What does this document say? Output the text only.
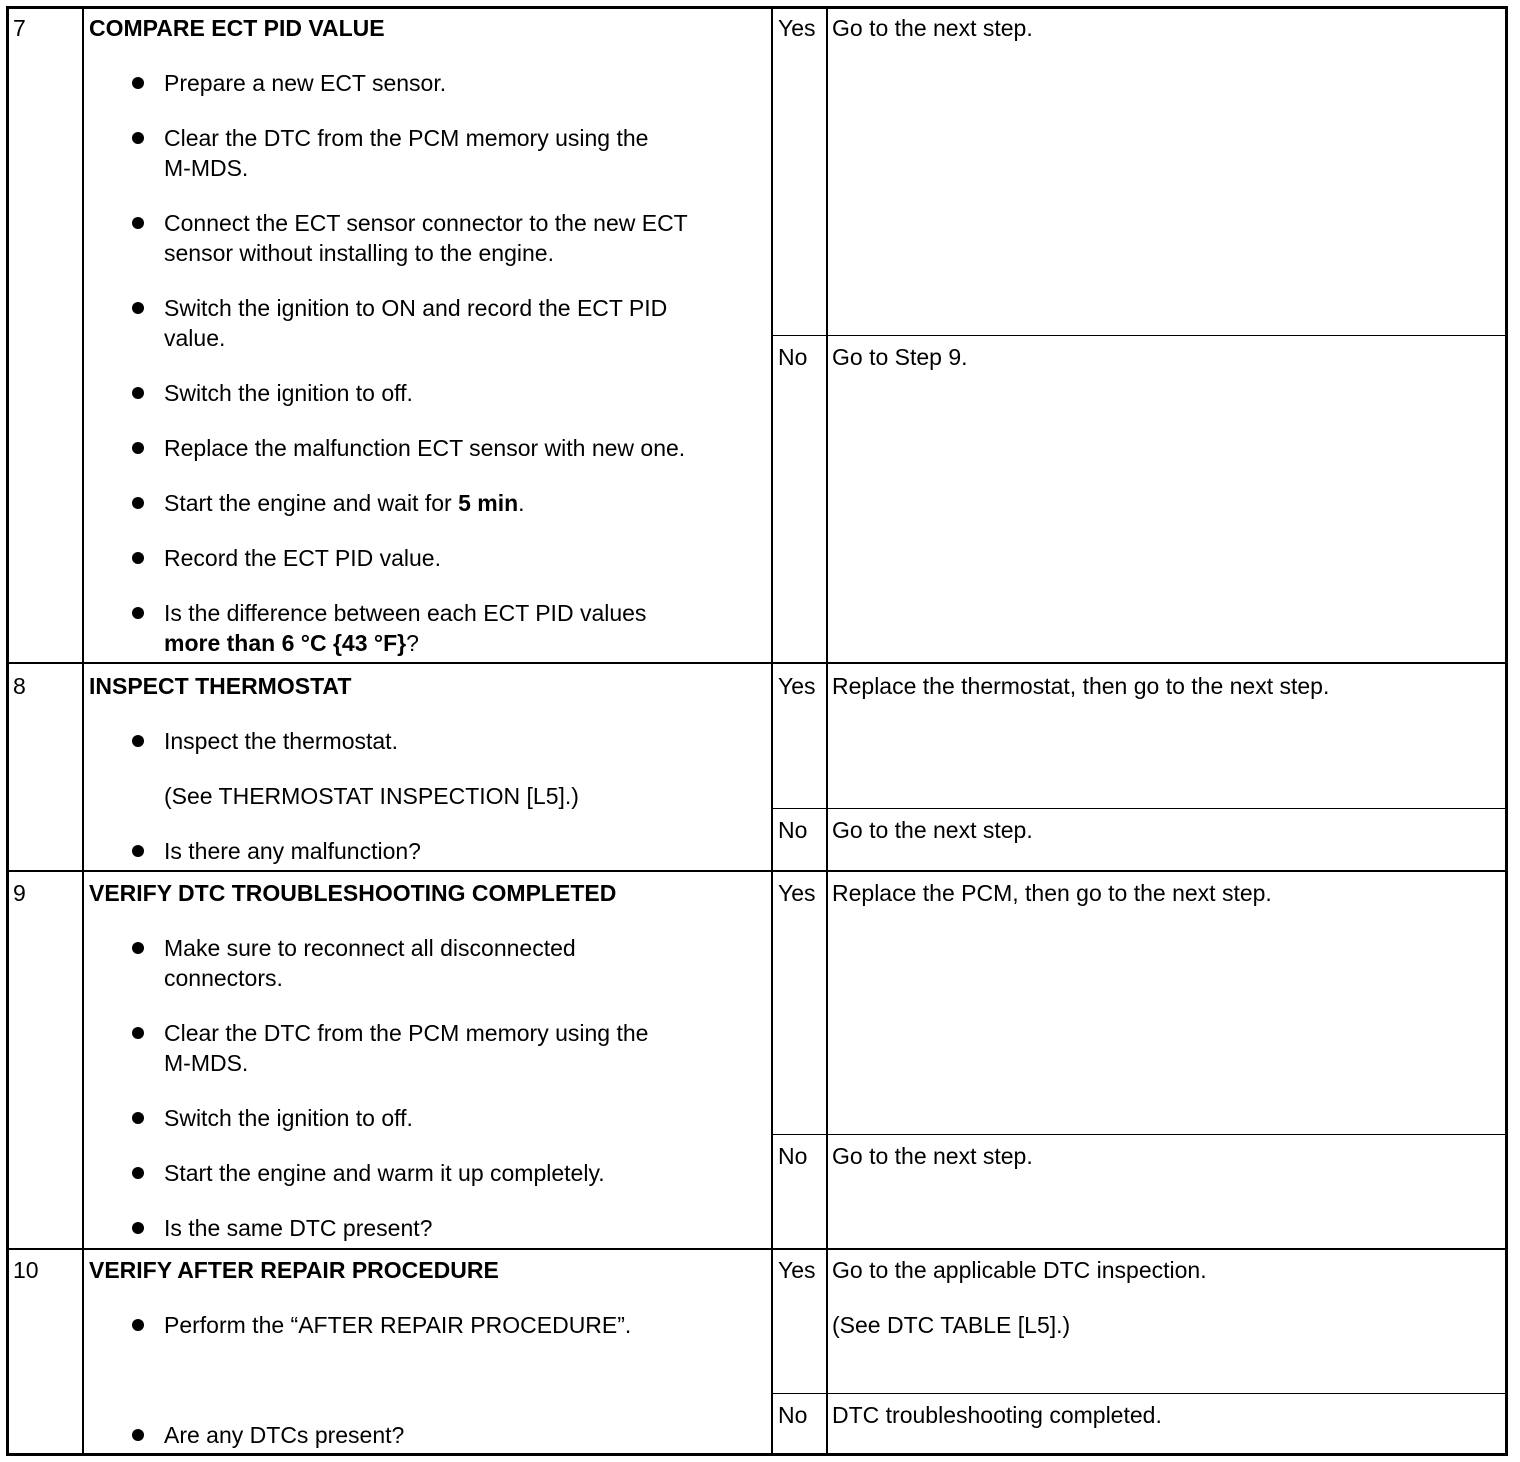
7	COMPARE ECT PID VALUE
Prepare a new ECT sensor.
Clear the DTC from the PCM memory using the
M-MDS.
Connect the ECT sensor connector to the new ECT
sensor without installing to the engine.
Switch the ignition to ON and record the ECT PID
value.
Switch the ignition to off.
Replace the malfunction ECT sensor with new one.
Start the engine and wait for 5 min.
Record the ECT PID value.
Is the difference between each ECT PID values
more than 6 °C {43 °F}?
Yes Go to the next step.
No Go to Step 9.
8	INSPECT THERMOSTAT
Inspect the thermostat.
(See THERMOSTAT INSPECTION [L5].)
Is there any malfunction?
Yes Replace the thermostat, then go to the next step.
No Go to the next step.
9	VERIFY DTC TROUBLESHOOTING COMPLETED
Make sure to reconnect all disconnected
connectors.
Clear the DTC from the PCM memory using the
M-MDS.
Switch the ignition to off.
Start the engine and warm it up completely.
Is the same DTC present?
Yes Replace the PCM, then go to the next step.
No Go to the next step.
10 VERIFY AFTER REPAIR PROCEDURE
Perform the “AFTER REPAIR PROCEDURE”.
Are any DTCs present?
Yes Go to the applicable DTC inspection.
(See DTC TABLE [L5].)
No DTC troubleshooting completed.
